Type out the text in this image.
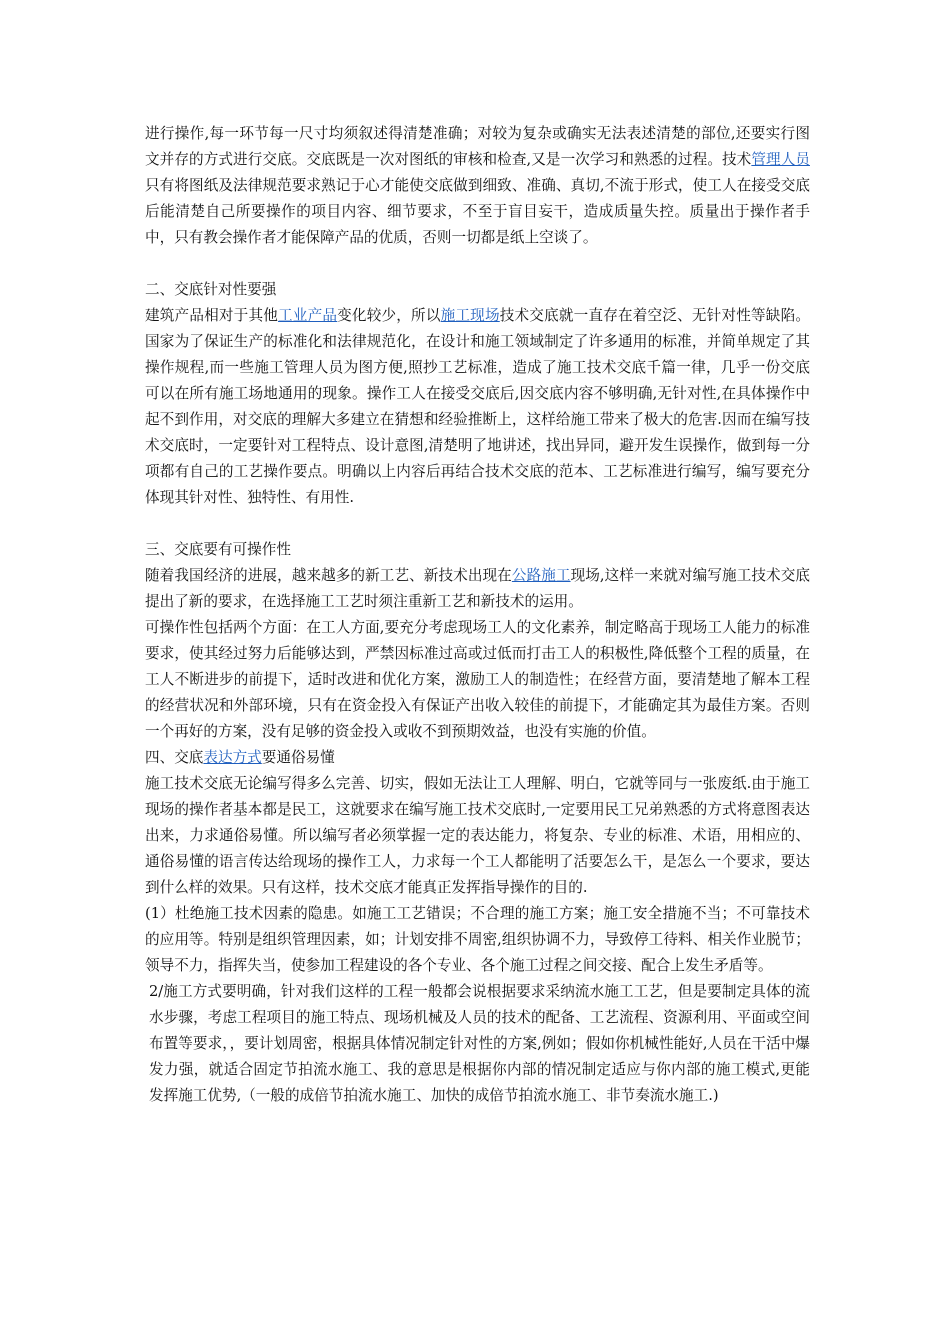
进行操作,每一环节每一尺寸均须叙述得清楚准确；对较为复杂或确实无法表述清楚的部位,还要实行图文并存的方式进行交底。交底既是一次对图纸的审核和检查,又是一次学习和熟悉的过程。技术管理人员只有将图纸及法律规范要求熟记于心才能使交底做到细致、准确、真切,不流于形式，使工人在接受交底后能清楚自己所要操作的项目内容、细节要求，不至于盲目妄干，造成质量失控。质量出于操作者手中，只有教会操作者才能保障产品的优质，否则一切都是纸上空谈了。

二、交底针对性要强

建筑产品相对于其他工业产品变化较少，所以施工现场技术交底就一直存在着空泛、无针对性等缺陷。国家为了保证生产的标准化和法律规范化，在设计和施工领域制定了许多通用的标准，并简单规定了其操作规程,而一些施工管理人员为图方便,照抄工艺标准，造成了施工技术交底千篇一律，几乎一份交底可以在所有施工场地通用的现象。操作工人在接受交底后,因交底内容不够明确,无针对性,在具体操作中起不到作用，对交底的理解大多建立在猜想和经验推断上，这样给施工带来了极大的危害.因而在编写技术交底时，一定要针对工程特点、设计意图,清楚明了地讲述，找出异同，避开发生误操作，做到每一分项都有自己的工艺操作要点。明确以上内容后再结合技术交底的范本、工艺标准进行编写，编写要充分体现其针对性、独特性、有用性.

三、交底要有可操作性

随着我国经济的进展，越来越多的新工艺、新技术出现在公路施工现场,这样一来就对编写施工技术交底提出了新的要求，在选择施工工艺时须注重新工艺和新技术的运用。

可操作性包括两个方面：在工人方面,要充分考虑现场工人的文化素养，制定略高于现场工人能力的标准要求，使其经过努力后能够达到，严禁因标准过高或过低而打击工人的积极性,降低整个工程的质量，在工人不断进步的前提下，适时改进和优化方案，激励工人的制造性；在经营方面，要清楚地了解本工程的经营状况和外部环境，只有在资金投入有保证产出收入较佳的前提下，才能确定其为最佳方案。否则一个再好的方案，没有足够的资金投入或收不到预期效益，也没有实施的价值。

四、交底表达方式要通俗易懂

施工技术交底无论编写得多么完善、切实，假如无法让工人理解、明白，它就等同与一张废纸.由于施工现场的操作者基本都是民工，这就要求在编写施工技术交底时,一定要用民工兄弟熟悉的方式将意图表达出来，力求通俗易懂。所以编写者必须掌握一定的表达能力，将复杂、专业的标准、术语，用相应的、通俗易懂的语言传达给现场的操作工人，力求每一个工人都能明了活要怎么干，是怎么一个要求，要达到什么样的效果。只有这样，技术交底才能真正发挥指导操作的目的.

(1）杜绝施工技术因素的隐患。如施工工艺错误；不合理的施工方案；施工安全措施不当；不可靠技术的应用等。特别是组织管理因素，如；计划安排不周密,组织协调不力，导致停工待料、相关作业脱节；领导不力，指挥失当，使参加工程建设的各个专业、各个施工过程之间交接、配合上发生矛盾等。

2/施工方式要明确，针对我们这样的工程一般都会说根据要求采纳流水施工工艺，但是要制定具体的流水步骤，考虑工程项目的施工特点、现场机械及人员的技术的配备、工艺流程、资源利用、平面或空间布置等要求，，要计划周密，根据具体情况制定针对性的方案,例如；假如你机械性能好,人员在干活中爆发力强，就适合固定节拍流水施工、我的意思是根据你内部的情况制定适应与你内部的施工模式,更能发挥施工优势,（一般的成倍节拍流水施工、加快的成倍节拍流水施工、非节奏流水施工.)
